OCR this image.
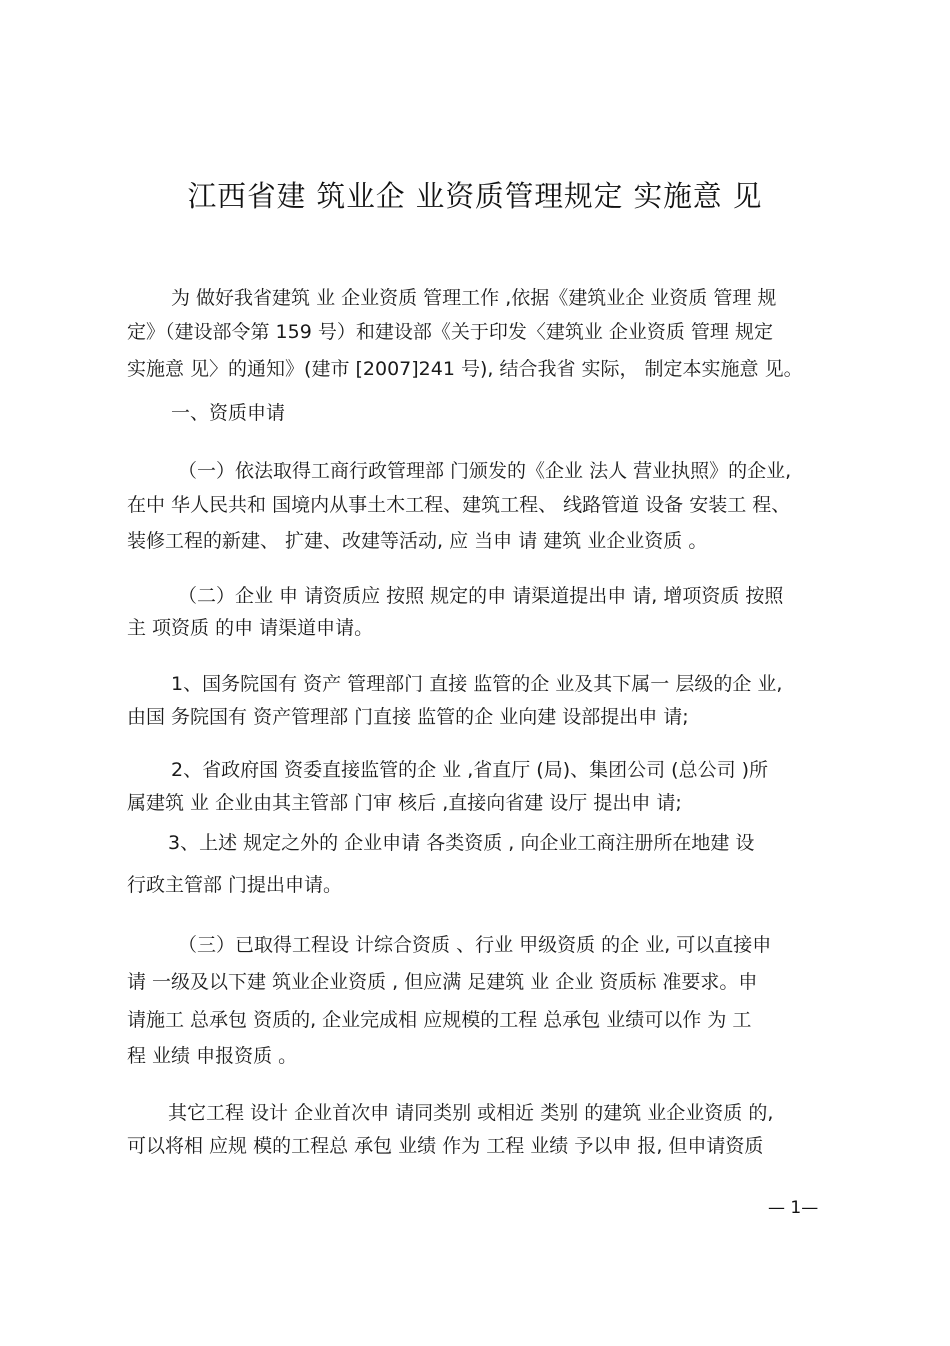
江西省建 筑业企 业资质管理规定 实施意 见
为 做好我省建筑 业 企业资质 管理工作 ,依据《建筑业企 业资质 管理 规
定》（建设部令第 159 号）和建设部《关于印发〈建筑业 企业资质 管理 规定
实施意 见〉的通知》(建市 [2007]241 号), 结合我省 实际， 制定本实施意 见。
一、资质申请
（一）依法取得工商行政管理部 门颁发的《企业 法人 营业执照》的企业,
在中 华人民共和 国境内从事土木工程、建筑工程、 线路管道 设备 安装工 程、
装修工程的新建、 扩建、改建等活动, 应 当申 请 建筑 业企业资质 。
（二）企业 申 请资质应 按照 规定的申 请渠道提出申 请, 增项资质 按照
主 项资质 的申 请渠道申请。
1、国务院国有 资产 管理部门 直接 监管的企 业及其下属一 层级的企 业,
由国 务院国有 资产管理部 门直接 监管的企 业向建 设部提出申 请;
2、省政府国 资委直接监管的企 业 ,省直厅 (局)、集团公司 (总公司 )所
属建筑 业 企业由其主管部 门审 核后 ,直接向省建 设厅 提出申 请;
3、上述 规定之外的 企业申请 各类资质 , 向企业工商注册所在地建 设
行政主管部 门提出申请。
（三）已取得工程设 计综合资质 、行业 甲级资质 的企 业, 可以直接申
请 一级及以下建 筑业企业资质 , 但应满 足建筑 业 企业 资质标 准要求。申
请施工 总承包 资质的, 企业完成相 应规模的工程 总承包 业绩可以作 为 工
程 业绩 申报资质 。
其它工程 设计 企业首次申 请同类别 或相近 类别 的建筑 业企业资质 的,
可以将相 应规 模的工程总 承包 业绩 作为 工程 业绩 予以申 报, 但申请资质
— 1—
